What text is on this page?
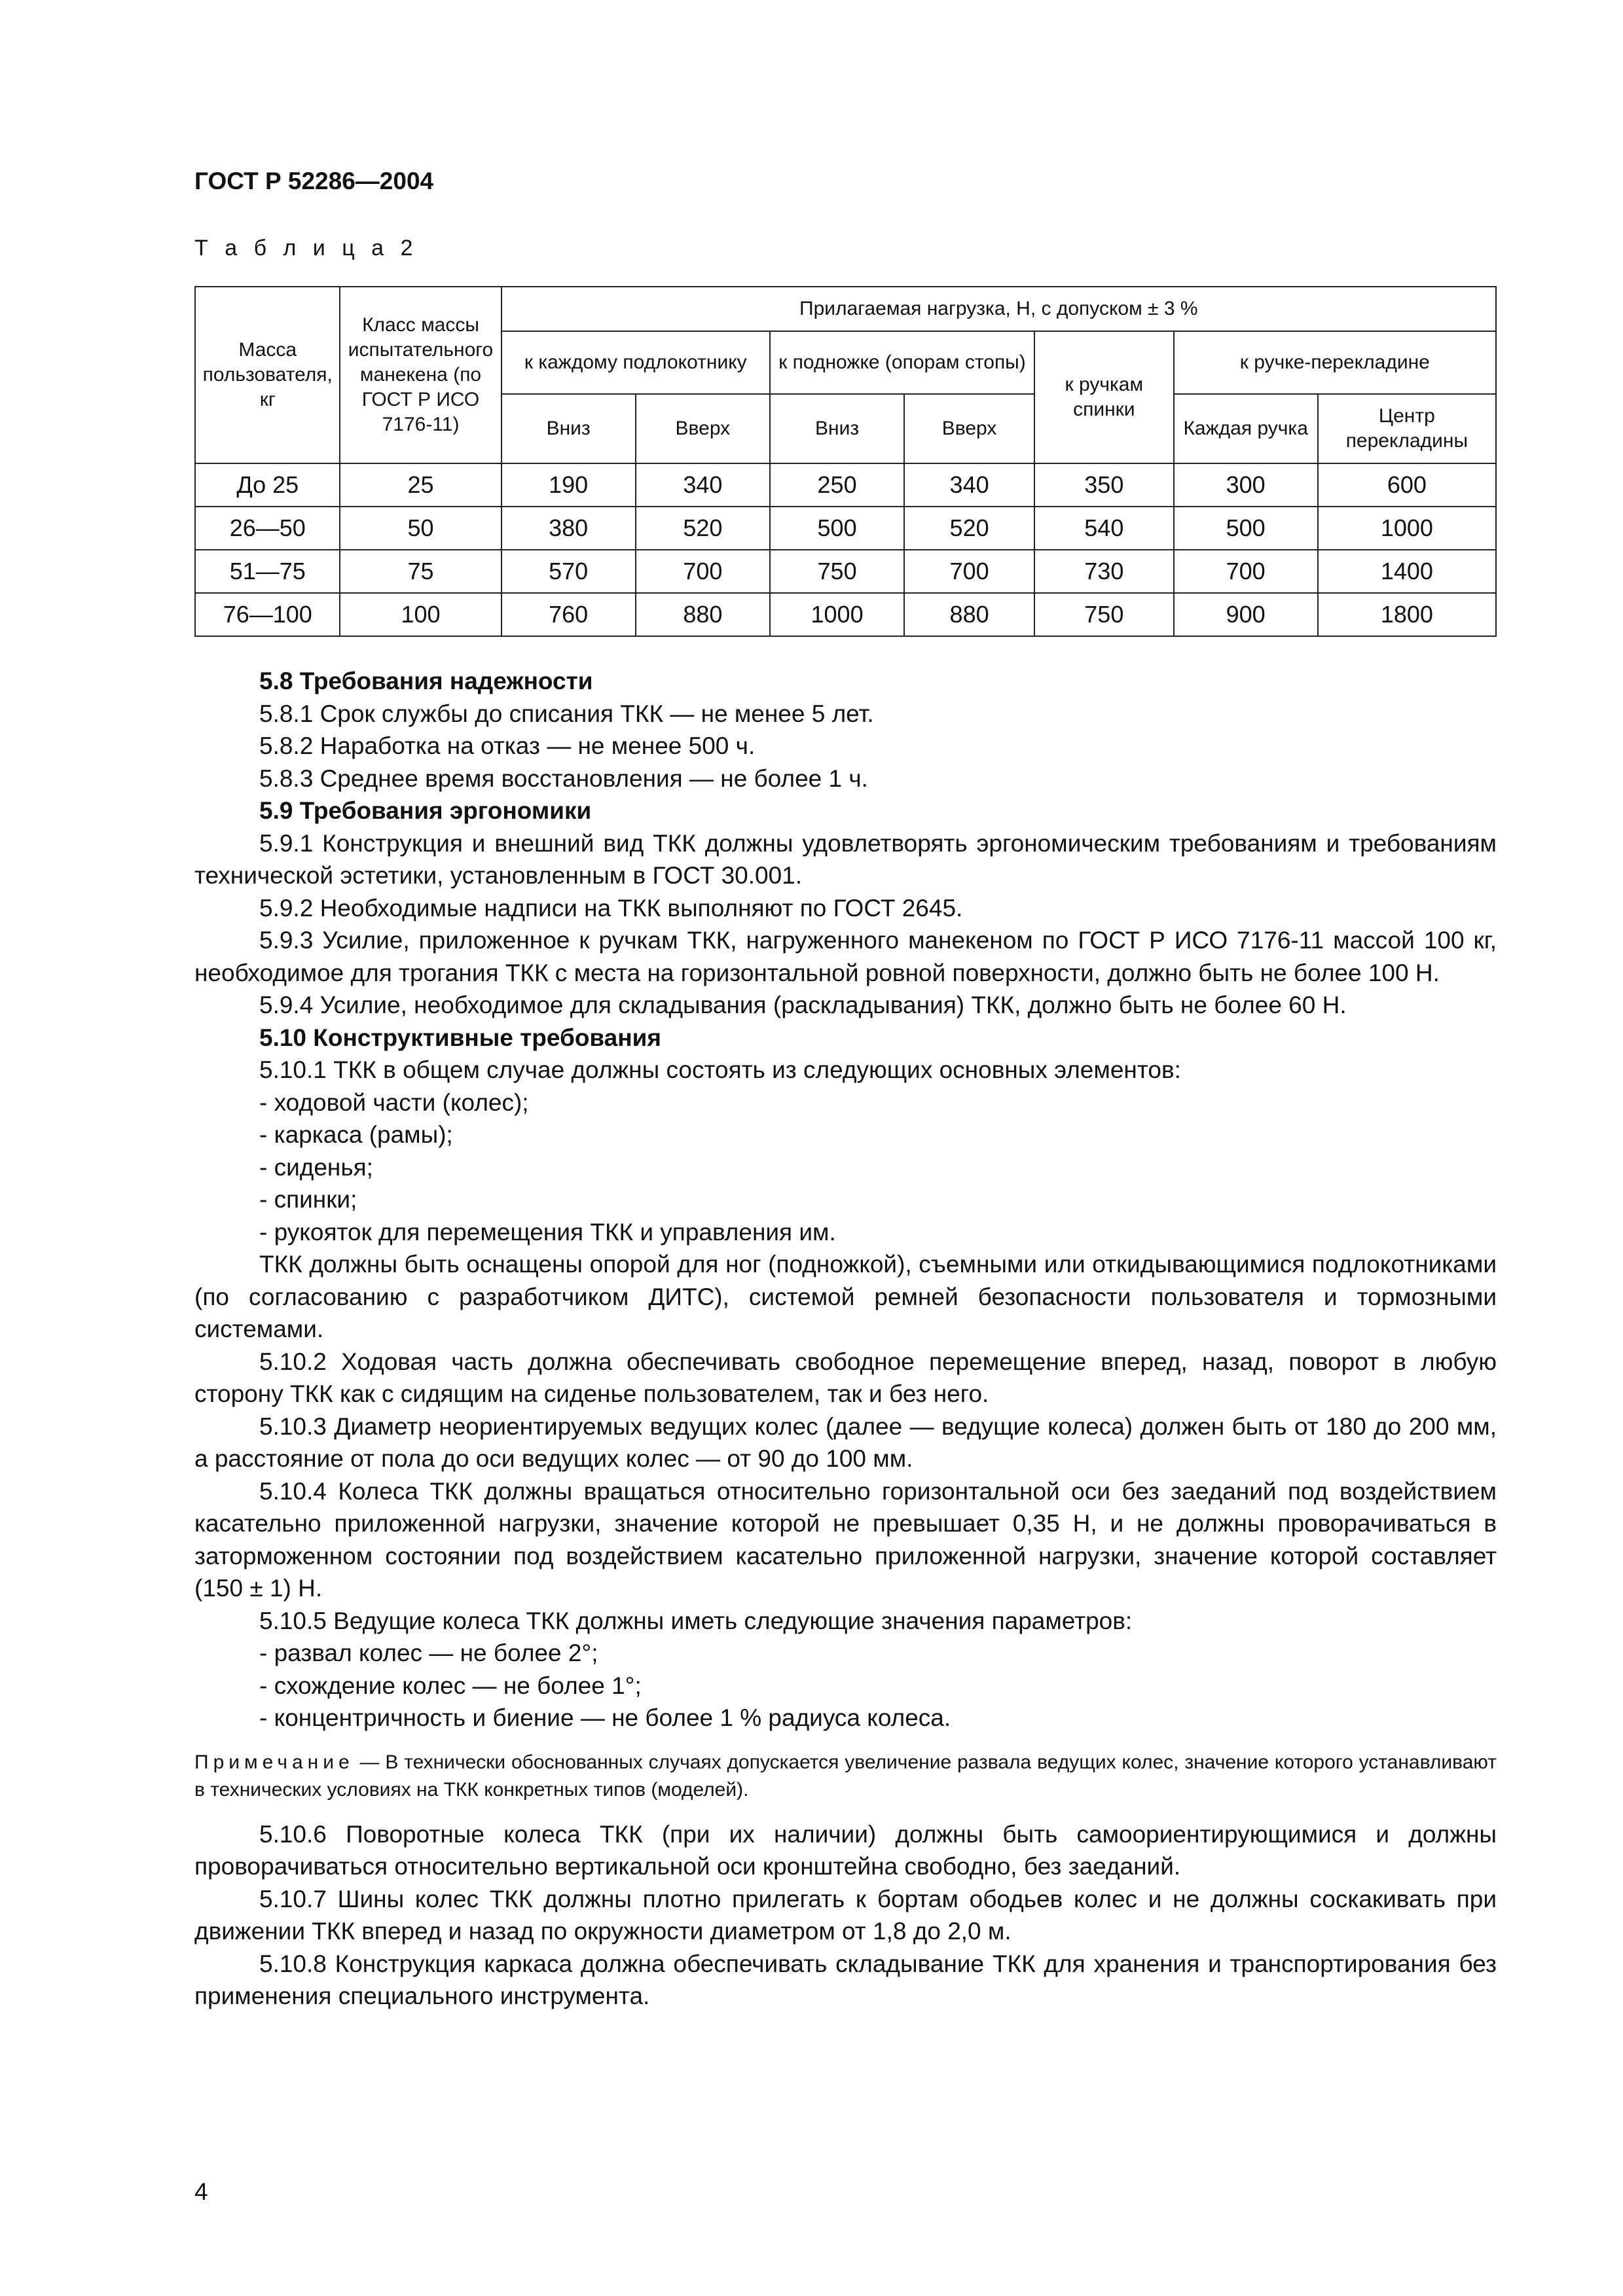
ГОСТ Р 52286—2004
Т а б л и ц а 2
Масса пользователя, кг	Класс массы испытательного манекена (по ГОСТ Р ИСО 7176-11)	Прилагаемая нагрузка, Н, с допуском ± 3 %						
		к каждому подлокотнику		к подножке (опорам стопы)		к ручкам спинки	к ручке-перекладине	
		Вниз	Вверх	Вниз	Вверх		Каждая ручка	Центр перекладины
До 25	25	190	340	250	340	350	300	600
26—50	50	380	520	500	520	540	500	1000
51—75	75	570	700	750	700	730	700	1400
76—100	100	760	880	1000	880	750	900	1800

5.8 Требования надежности

5.8.1 Срок службы до списания ТКК — не менее 5 лет.

5.8.2 Наработка на отказ — не менее 500 ч.

5.8.3 Среднее время восстановления — не более 1 ч.

5.9 Требования эргономики

5.9.1 Конструкция и внешний вид ТКК должны удовлетворять эргономическим требованиям и требованиям технической эстетики, установленным в ГОСТ 30.001.

5.9.2 Необходимые надписи на ТКК выполняют по ГОСТ 2645.

5.9.3 Усилие, приложенное к ручкам ТКК, нагруженного манекеном по ГОСТ Р ИСО 7176-11 массой 100 кг, необходимое для трогания ТКК с места на горизонтальной ровной поверхности, должно быть не более 100 Н.

5.9.4 Усилие, необходимое для складывания (раскладывания) ТКК, должно быть не более 60 Н.

5.10 Конструктивные требования

5.10.1 ТКК в общем случае должны состоять из следующих основных элементов:

- ходовой части (колес);

- каркаса (рамы);

- сиденья;

- спинки;

- рукояток для перемещения ТКК и управления им.

ТКК должны быть оснащены опорой для ног (подножкой), съемными или откидывающимися подлокотниками (по согласованию с разработчиком ДИТС), системой ремней безопасности пользователя и тормозными системами.

5.10.2 Ходовая часть должна обеспечивать свободное перемещение вперед, назад, поворот в любую сторону ТКК как с сидящим на сиденье пользователем, так и без него.

5.10.3 Диаметр неориентируемых ведущих колес (далее — ведущие колеса) должен быть от 180 до 200 мм, а расстояние от пола до оси ведущих колес — от 90 до 100 мм.

5.10.4 Колеса ТКК должны вращаться относительно горизонтальной оси без заеданий под воздействием касательно приложенной нагрузки, значение которой не превышает 0,35 Н, и не должны проворачиваться в заторможенном состоянии под воздействием касательно приложенной нагрузки, значение которой составляет (150 ± 1) Н.

5.10.5 Ведущие колеса ТКК должны иметь следующие значения параметров:

- развал колес — не более 2°;

- схождение колес — не более 1°;

- концентричность и биение — не более 1 % радиуса колеса.

Примечание — В технически обоснованных случаях допускается увеличение развала ведущих колес, значение которого устанавливают в технических условиях на ТКК конкретных типов (моделей).

5.10.6 Поворотные колеса ТКК (при их наличии) должны быть самоориентирующимися и должны проворачиваться относительно вертикальной оси кронштейна свободно, без заеданий.

5.10.7 Шины колес ТКК должны плотно прилегать к бортам ободьев колес и не должны соскакивать при движении ТКК вперед и назад по окружности диаметром от 1,8 до 2,0 м.

5.10.8 Конструкция каркаса должна обеспечивать складывание ТКК для хранения и транспортирования без применения специального инструмента.

4
